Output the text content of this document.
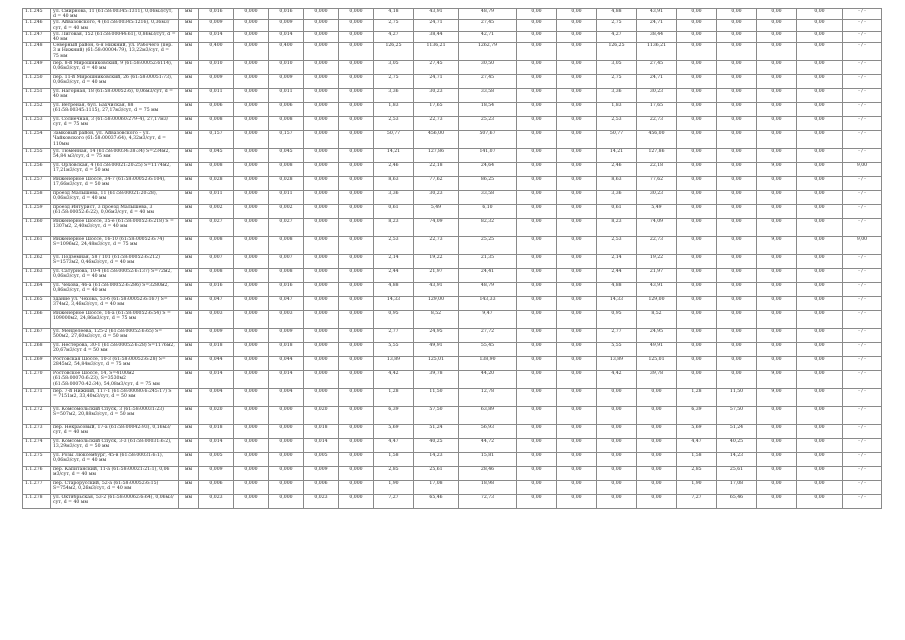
1.1.245	ул. Смирнова, 11 (61:58:00345:1311), 0,06м3/сут, d = 40 мм	мм	0,016	0,000	0,016	0,000	0,000	4,18	43,91	48,79	0,00	0,00	4,88	43,91	0,00	0,00	0,00	0,00	- / -
1.1.246	ул. Айвазовского, 4 (61:58:00345:1216), 0,36м3/сут, d = 40 мм	мм	0,009	0,000	0,009	0,000	0,000	2,75	24,71	27,45	0,00	0,00	2,75	24,71	0,00	0,00	0,00	0,00	- / -
1.1.247	ул. Лиговая, 152 (61:58:00044:61), 0,86м3/сут, d = 40 мм	мм	0,014	0,000	0,014	0,000	0,000	4,27	38,44	42,71	0,00	0,00	4,27	38,44	0,00	0,00	0,00	0,00	- / -
1.1.248	Северный район, 6-я Нижний, ул. Рабочего (пер. 3 и Нижний) (61:58:00004:79), 13,22м3/сут, d = 75 мм	мм	0,400	0,000	0,400	0,000	0,000	126,25	1136,21	1262,79	0,00	0,00	126,25	1136,21	0,00	0,00	0,00	0,00	- / -
1.1.249	пер. 8-й Мирошниковский, 9 (61:58:00052:6114), 0,06м3/сут, d = 40 мм	мм	0,010	0,000	0,010	0,000	0,000	3,05	27,45	30,50	0,00	0,00	3,05	27,45	0,00	0,00	0,00	0,00	- / -
1.1.250	пер. 11-й Мирошниковский, 26 (61:58:00051:73), 0,06м3/сут, d = 40 мм	мм	0,009	0,000	0,009	0,000	0,000	2,75	24,71	27,45	0,00	0,00	2,75	24,71	0,00	0,00	0,00	0,00	- / -
1.1.251	ул. Нагорная, 18 (61:58:00052:6), 0,06м3/сут, d = 40 мм	мм	0,011	0,000	0,011	0,000	0,000	3,36	30,23	33,58	0,00	0,00	3,36	30,23	0,00	0,00	0,00	0,00	- / -
1.1.252	ул. Ветреная, бул. Бахчиская, 88 (61:58:00345:1115), 27,17м3/сут, d = 75 мм	мм	0,006	0,000	0,006	0,000	0,000	1,83	17,65	18,54	0,00	0,00	1,83	17,65	0,00	0,00	0,00	0,00	- / -
1.1.253	ул. Солнечная, 3 (61:58:00060:279–4), 27,17м3/сут, d = 75 мм	мм	0,008	0,000	0,008	0,000	0,000	2,53	22,73	25,23	0,00	0,00	2,53	22,73	0,00	0,00	0,00	0,00	- / -
1.1.254	Замковый район, ул. Айвазовского – ул. Чайковского (61:58:00037:64), 4,32м3/сут, d = 110мм	мм	0,157	0,000	0,157	0,000	0,000	50,77	456,00	507,67	0,00	0,00	50,77	456,00	0,00	0,00	0,00	0,00	- / -
1.1.255	ул. Тюменная, 14 (61:58:00034:38:34) S=234м2, 54,84 м3/сут, d = 75 мм	мм	0,045	0,000	0,045	0,000	0,000	14,21	127,86	141,07	0,00	0,00	14,21	127,86	0,00	0,00	0,00	0,00	- / -
1.1.256	ул. Орловская, 4 (61:58:00021:20:25) S=1174м2, 17,21м3/сут, d = 50 мм	мм	0,008	0,000	0,008	0,000	0,000	2,46	22,18	24,64	0,00	0,00	2,46	22,18	0,00	0,00	9,00	0,00	9,00
1.1.257	Инженерное Шоссе, 34-7 (61:58:00052:6:104), 17,66м3/сут, d = 50 мм	мм	0,028	0,000	0,028	0,000	0,000	8,63	77,62	86,25	0,00	0,00	8,63	77,62	0,00	0,00	0,00	0,00	- / -
1.1.258	проезд Малышева, 11 (61:58:00021:20:28), 0,06м3/сут, d = 40 мм	мм	0,011	0,000	0,011	0,000	0,000	3,36	30,23	33,58	0,00	0,00	3,36	30,23	0,00	0,00	0,00	0,00	- / -
1.1.259	проезд Интурист, 3 проезд Малышева, 3 (61:58:00052:6:22), 0,06м3/сут, d = 40 мм	мм	0,002	0,000	0,002	0,000	0,000	0,61	5,49	6,10	0,00	0,00	0,61	5,49	0,00	0,00	0,00	0,00	- / -
1.1.260	Инженерное Шоссе, 35-е (61:58:00052:6:218) S = 1307м2, 2,40м3/сут, d = 40 мм	мм	0,027	0,000	0,027	0,000	0,000	8,23	74,09	82,32	0,00	0,00	8,23	74,09	0,00	0,00	0,00	0,00	- / -
1.1.261	Инженерное Шоссе, 16-10 (61:58:00052:6:74) S=1096м2, 24,48м3/сут, d = 75 мм	мм	0,008	0,000	0,008	0,000	0,000	2,53	22,73	25,25	0,00	0,00	2,53	22,73	0,00	0,00	9,00	0,00	9,00
1.1.262	ул. Подземная, 58 / 101 (61:58:00052:6:212) S=1573м2, 0,46м3/сут, d = 40 мм	мм	0,007	0,000	0,007	0,000	0,000	2,14	19,22	21,35	0,00	0,00	2,14	19,22	0,00	0,00	0,00	0,00	- / -
1.1.263	ул. Сатурнова, 10-4 (61:58:00052:6:137) S=72м2, 0,06м3/сут, d = 40 мм	мм	0,008	0,000	0,008	0,000	0,000	2,44	21,97	24,41	0,00	0,00	2,44	21,97	0,00	0,00	0,00	0,00	- / -
1.1.264	ул. Чехова, 46-а (61:58:00052:6:286) S=3280м2, 0,86м3/сут, d = 40 мм	мм	0,016	0,000	0,016	0,000	0,000	4,88	43,91	48,79	0,00	0,00	4,88	43,91	0,00	0,00	0,00	0,00	- / -
1.1.265	здание ул. Чехова, 53-б (61:58:00052:6:167) S= 374м2, 3,46м3/сут, d = 40 мм	мм	0,047	0,000	0,047	0,000	0,000	14,33	129,00	143,33	0,00	0,00	14,33	129,00	0,00	0,00	0,00	0,00	- / -
1.1.266	Инженерное Шоссе, 16-а (61:58:00052:6:54) S = 109000м2, 24,86м3/сут, d = 75 мм	мм	0,003	0,000	0,003	0,000	0,000	0,95	8,52	9,47	0,00	0,00	0,95	8,52	0,00	0,00	0,00	0,00	- / -
1.1.267	ул. Менделеева, 125-2 (61:58:00052:6:65) S= 500м2, 27,60м3/сут, d = 50 мм	мм	0,009	0,000	0,009	0,000	0,000	2,77	24,95	27,72	0,00	0,00	2,77	24,95	0,00	0,00	0,00	0,00	- / -
1.1.268	ул. Нестерова, 30-1 (61:58:00052:6:28) S=1176м2, 20,67м3/сут d = 50 мм	мм	0,018	0,000	0,018	0,000	0,000	5,55	49,91	55,45	0,00	0,00	5,55	49,91	0,00	0,00	0,00	0,00	- / -
1.1.269	Ростовская Шоссе, 10-3 (61:58:00052:6:28) S= 2845м2, 54,84м3/сут, d = 75 мм	мм	0,044	0,000	0,044	0,000	0,000	13,89	125,01	138,90	0,00	0,00	13,89	125,01	0,00	0,00	0,00	0,00	- / -
1.1.270	Ростовское Шоссе, 14, S=4100м2 (61:58:00070:6:23), S=3530м2 (61:58:00070:42:34), 54,08м3/сут, d = 75 мм	мм	0,014	0,000	0,014	0,000	0,000	4,42	39,78	44,20	0,00	0,00	4,42	39,78	0,00	0,00	9,00	0,00	- / -
1.1.271	пер. 7-й Нижний, 117-1 (61:58:00080:6:245:17) S = 7151м2, 33,40м3/сут, d = 50 мм	мм	0,004	0,000	0,004	0,000	0,000	1,28	11,50	12,78	0,00	0,00	0,00	0,00	1,28	11,50	9,00	0,00	- / -
1.1.272	ул. Комсомольский Спуск, 3 (61:58:00031:23) S=507м2, 20,88м3/сут, d = 50 мм	мм	0,020	0,000	0,000	0,020	0,000	6,39	57,50	63,89	0,00	0,00	0,00	0,00	6,39	57,50	0,00	0,00	- / -
1.1.273	пер. Некрасовый, 17-а (61:58:00042:93), 0,16м3/сут, d = 40 мм	мм	0,018	0,000	0,000	0,018	0,000	5,69	51,24	56,93	0,00	0,00	0,00	0,00	5,69	51,24	0,00	0,00	- / -
1.1.274	ул. Комсомольский Спуск, 3-3 (61:58:00031:6:2), 13,29м3/сут, d = 50 мм	мм	0,014	0,000	0,000	0,014	0,000	4,47	40,25	44,72	0,00	0,00	0,00	0,00	4,47	40,25	0,00	0,00	- / -
1.1.275	ул. Розы Люксембург, 45-в (61:58:00031:6:1), 0,06м3/сут, d = 40 мм	мм	0,005	0,000	0,000	0,005	0,000	1,58	14,23	15,81	0,00	0,00	0,00	0,00	1,58	14,23	0,00	0,00	- / -
1.1.276	пер. Капитанский, 11-а (61:58:00021:21:1), 0,06 м3/сут, d = 40 мм	мм	0,009	0,000	0,000	0,009	0,000	2,85	25,61	28,46	0,00	0,00	0,00	0,00	2,85	25,61	0,00	0,00	- / -
1.1.277	пер. Старорусский, 52-а (61:58:00052:6:15) S=754м2, 0,26м3/сут, d = 40 мм	мм	0,006	0,000	0,000	0,006	0,000	1,90	17,08	18,98	0,00	0,00	0,00	0,00	1,90	17,08	0,00	0,00	- / -
1.1.278	ул. Октябрьская, 53-2 (61:58:00062:6:64), 0,06м3/сут, d = 40 мм	мм	0,023	0,000	0,000	0,023	0,000	7,27	65,46	72,73	0,00	0,00	0,00	0,00	7,27	65,46	0,00	0,00	- / -
